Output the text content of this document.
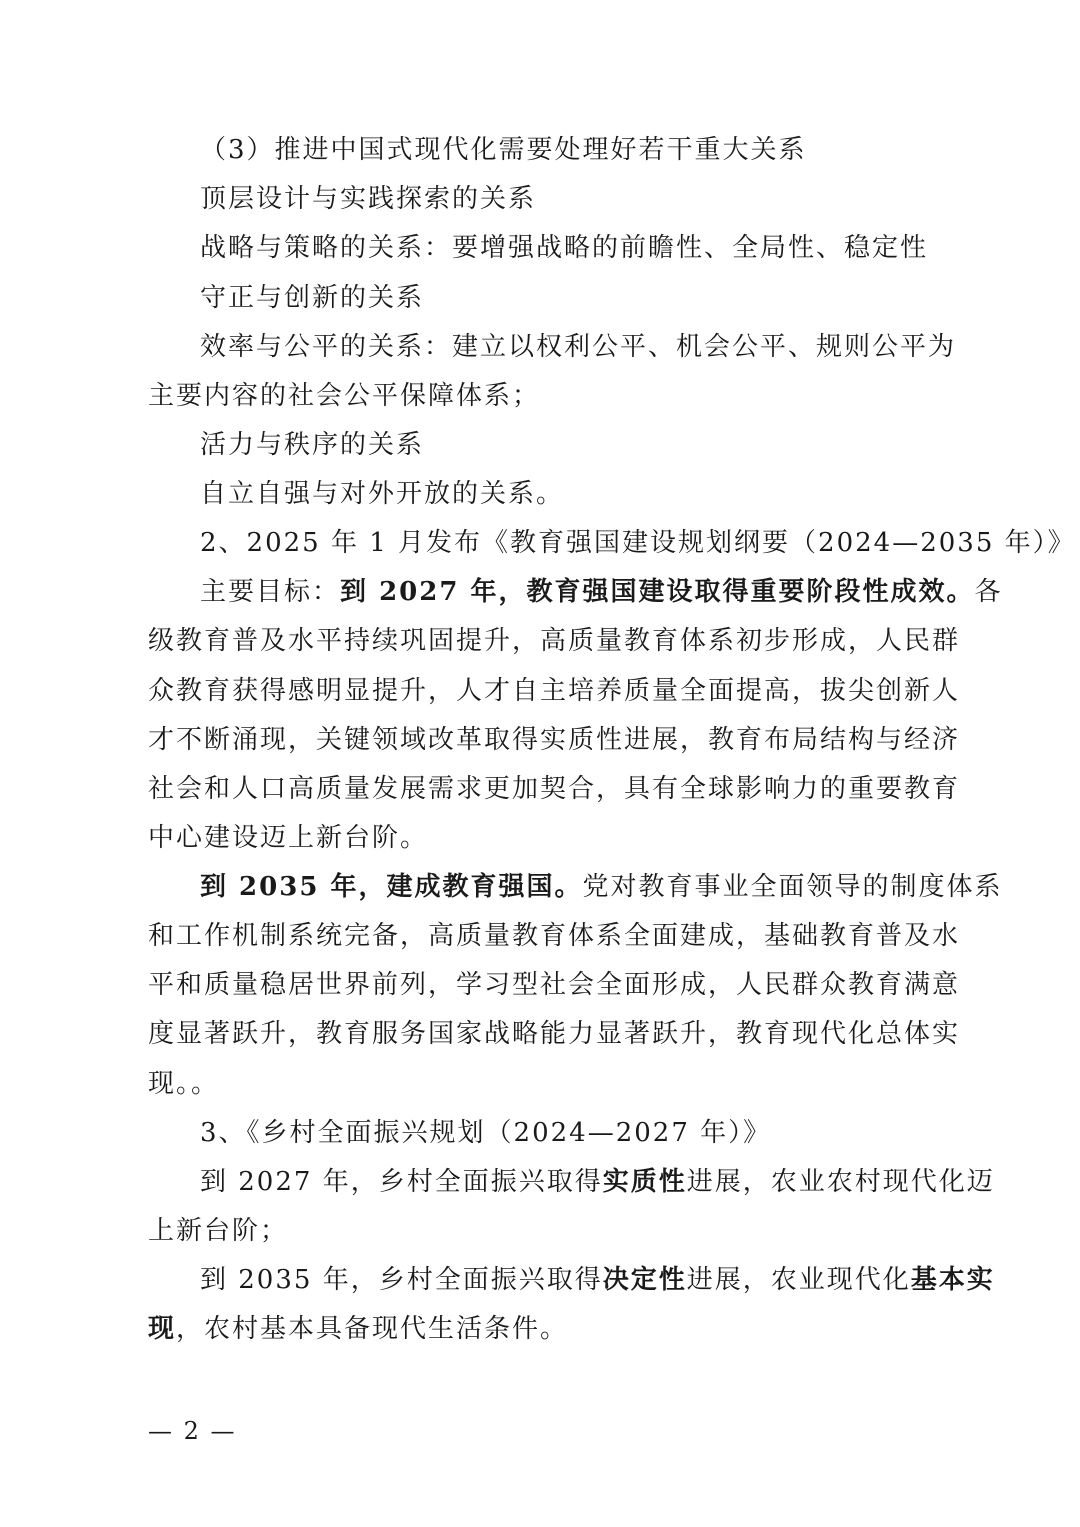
（3）推进中国式现代化需要处理好若干重大关系
顶层设计与实践探索的关系
战略与策略的关系：要增强战略的前瞻性、全局性、稳定性
守正与创新的关系
效率与公平的关系：建立以权利公平、机会公平、规则公平为
主要内容的社会公平保障体系；
活力与秩序的关系
自立自强与对外开放的关系。
2、2025 年 1 月发布《教育强国建设规划纲要（2024—2035 年）》
主要目标：到 2027 年，教育强国建设取得重要阶段性成效。各
级教育普及水平持续巩固提升，高质量教育体系初步形成，人民群
众教育获得感明显提升，人才自主培养质量全面提高，拔尖创新人
才不断涌现，关键领域改革取得实质性进展，教育布局结构与经济
社会和人口高质量发展需求更加契合，具有全球影响力的重要教育
中心建设迈上新台阶。
到 2035 年，建成教育强国。党对教育事业全面领导的制度体系
和工作机制系统完备，高质量教育体系全面建成，基础教育普及水
平和质量稳居世界前列，学习型社会全面形成，人民群众教育满意
度显著跃升，教育服务国家战略能力显著跃升，教育现代化总体实
现。。
3、《乡村全面振兴规划（2024—2027 年）》
到 2027 年，乡村全面振兴取得实质性进展，农业农村现代化迈
上新台阶；
到 2035 年，乡村全面振兴取得决定性进展，农业现代化基本实
现，农村基本具备现代生活条件。
— 2 —
